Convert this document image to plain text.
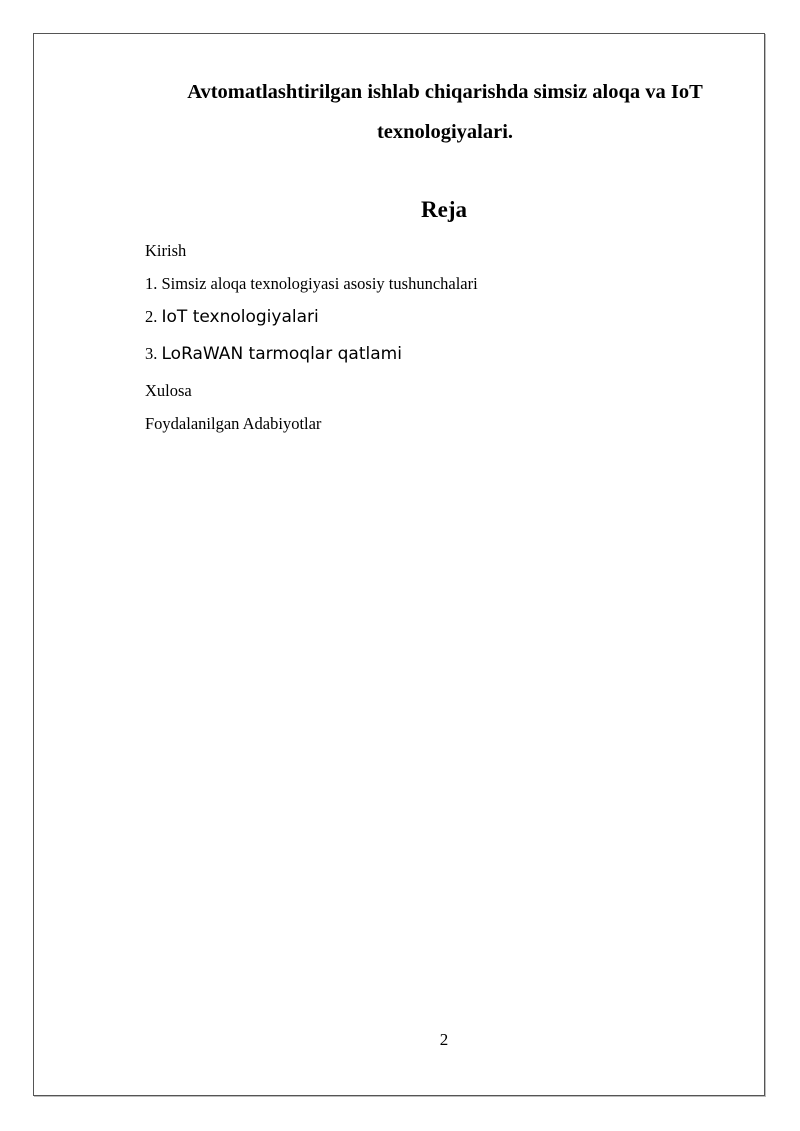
Avtomatlashtirilgan ishlab chiqarishda simsiz aloqa va IoT
texnologiyalari.
Reja
Kirish
1. Simsiz aloqa texnologiyasi asosiy tushunchalari
2. IoT texnologiyalari
3. LoRaWAN tarmoqlar qatlami
Xulosa
Foydalanilgan Adabiyotlar
2
